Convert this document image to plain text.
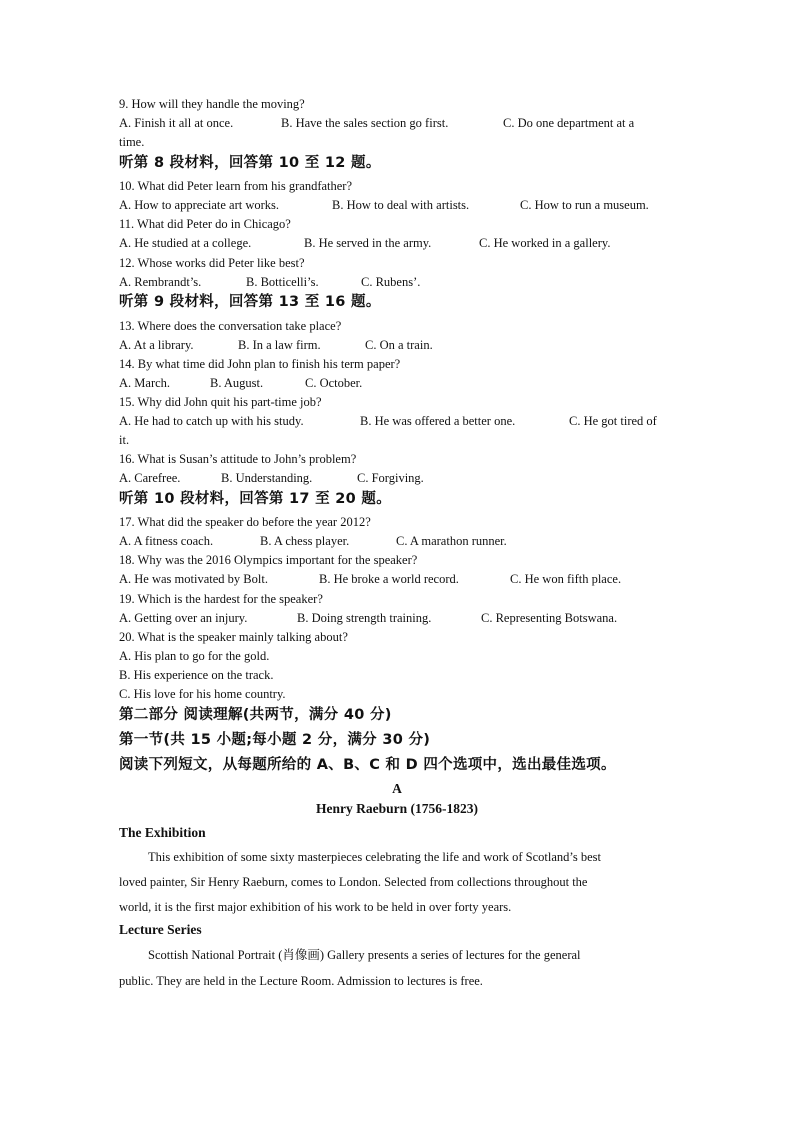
9. How will they handle the moving?
A. Finish it all at once.	B. Have the sales section go first.	C. Do one department at a
time.
听第 8 段材料，回答第 10 至 12 题。
10. What did Peter learn from his grandfather?
A. How to appreciate art works.	B. How to deal with artists.	C. How to run a museum.
11. What did Peter do in Chicago?
A. He studied at a college.	B. He served in the army.	C. He worked in a gallery.
12. Whose works did Peter like best?
A. Rembrandt’s.	B. Botticelli’s.	C. Rubens’.
听第 9 段材料，回答第 13 至 16 题。
13. Where does the conversation take place?
A. At a library.	B. In a law firm.	C. On a train.
14. By what time did John plan to finish his term paper?
A. March.	B. August.	C. October.
15. Why did John quit his part-time job?
A. He had to catch up with his study.	B. He was offered a better one.	C. He got tired of
it.
16. What is Susan’s attitude to John’s problem?
A. Carefree.	B. Understanding.	C. Forgiving.
听第 10 段材料，回答第 17 至 20 题。
17. What did the speaker do before the year 2012?
A. A fitness coach.	B. A chess player.	C. A marathon runner.
18. Why was the 2016 Olympics important for the speaker?
A. He was motivated by Bolt.	B. He broke a world record.	C. He won fifth place.
19. Which is the hardest for the speaker?
A. Getting over an injury.	B. Doing strength training.	C. Representing Botswana.
20. What is the speaker mainly talking about?
A. His plan to go for the gold.
B. His experience on the track.
C. His love for his home country.
第二部分 阅读理解(共两节，满分 40 分)
第一节(共 15 小题;每小题 2 分，满分 30 分)
阅读下列短文，从每题所给的 A、B、C 和 D 四个选项中，选出最佳选项。
A
Henry Raeburn (1756-1823)
The Exhibition
This exhibition of some sixty masterpieces celebrating the life and work of Scotland’s best
loved painter, Sir Henry Raeburn, comes to London. Selected from collections throughout the
world, it is the first major exhibition of his work to be held in over forty years.
Lecture Series
Scottish National Portrait (肖像画) Gallery presents a series of lectures for the general
public. They are held in the Lecture Room. Admission to lectures is free.
